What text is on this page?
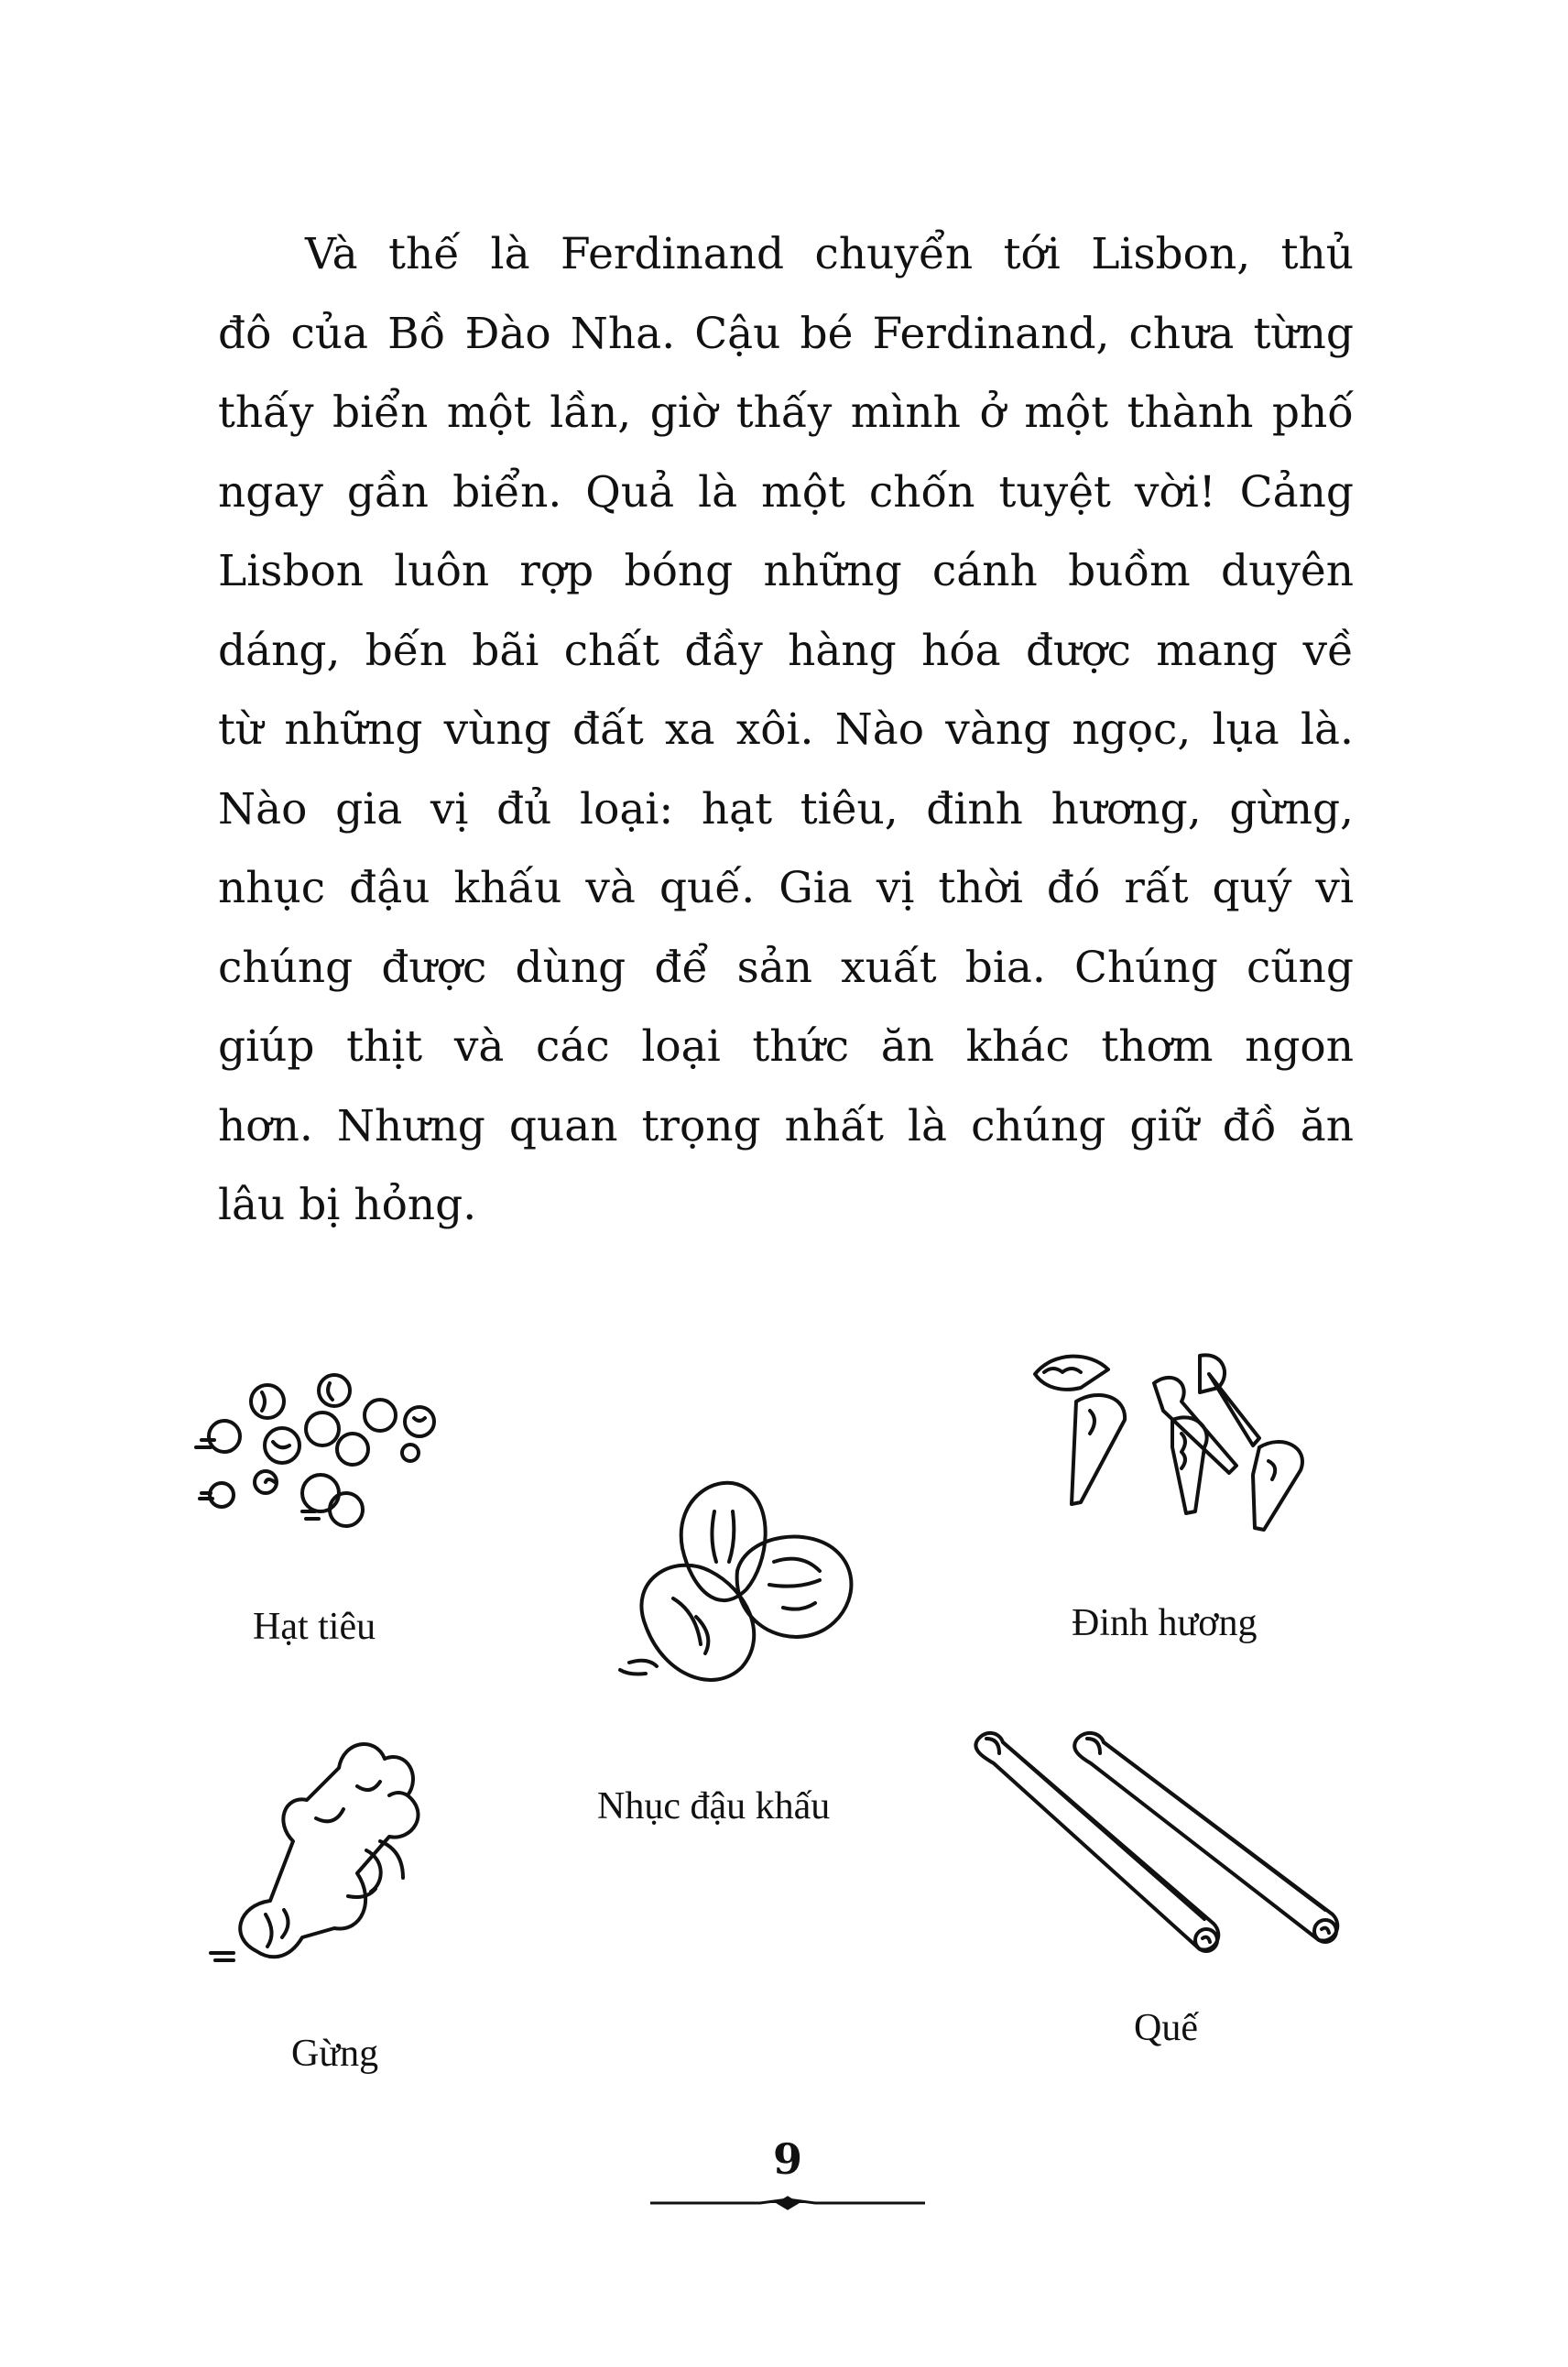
Và thế là Ferdinand chuyển tới Lisbon, thủ
đô của Bồ Đào Nha. Cậu bé Ferdinand, chưa từng
thấy biển một lần, giờ thấy mình ở một thành phố
ngay gần biển. Quả là một chốn tuyệt vời! Cảng
Lisbon luôn rợp bóng những cánh buồm duyên
dáng, bến bãi chất đầy hàng hóa được mang về
từ những vùng đất xa xôi. Nào vàng ngọc, lụa là.
Nào gia vị đủ loại: hạt tiêu, đinh hương, gừng,
nhục đậu khấu và quế. Gia vị thời đó rất quý vì
chúng được dùng để sản xuất bia. Chúng cũng
giúp thịt và các loại thức ăn khác thơm ngon
hơn. Nhưng quan trọng nhất là chúng giữ đồ ăn
lâu bị hỏng.
Hạt tiêu
Nhục đậu khấu
Đinh hương
Gừng
Quế
9
